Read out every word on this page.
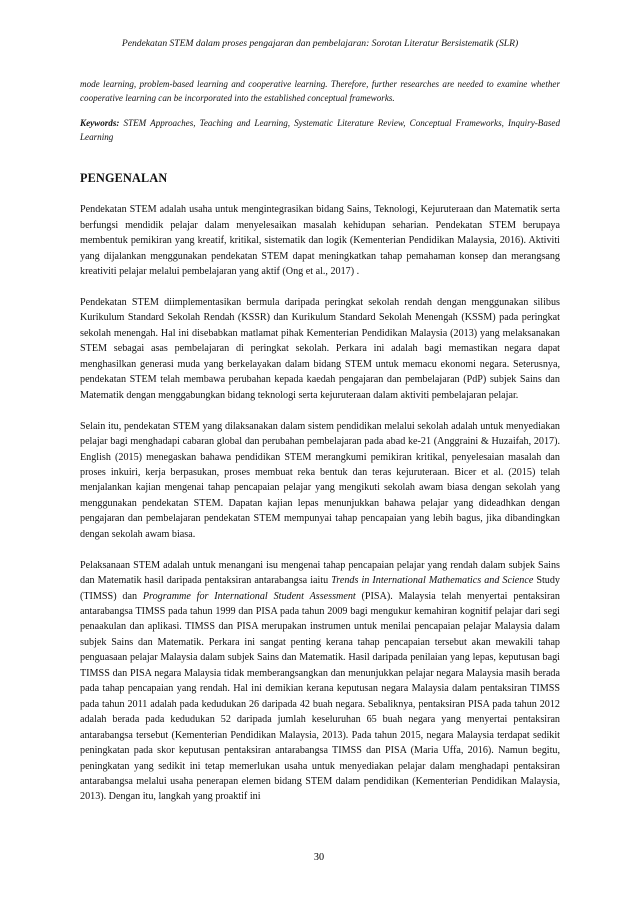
Pendekatan STEM dalam proses pengajaran dan pembelajaran: Sorotan Literatur Bersistematik (SLR)

mode learning, problem-based learning and cooperative learning. Therefore, further researches are needed to examine whether cooperative learning can be incorporated into the established conceptual frameworks.

Keywords: STEM Approaches, Teaching and Learning, Systematic Literature Review, Conceptual Frameworks, Inquiry-Based Learning

PENGENALAN

Pendekatan STEM adalah usaha untuk mengintegrasikan bidang Sains, Teknologi, Kejuruteraan dan Matematik serta berfungsi mendidik pelajar dalam menyelesaikan masalah kehidupan seharian. Pendekatan STEM berupaya membentuk pemikiran yang kreatif, kritikal, sistematik dan logik (Kementerian Pendidikan Malaysia, 2016). Aktiviti yang dijalankan menggunakan pendekatan STEM dapat meningkatkan tahap pemahaman konsep dan merangsang kreativiti pelajar melalui pembelajaran yang aktif (Ong et al., 2017) .

Pendekatan STEM diimplementasikan bermula daripada peringkat sekolah rendah dengan menggunakan silibus Kurikulum Standard Sekolah Rendah (KSSR) dan Kurikulum Standard Sekolah Menengah (KSSM) pada peringkat sekolah menengah. Hal ini disebabkan matlamat pihak Kementerian Pendidikan Malaysia (2013) yang melaksanakan STEM sebagai asas pembelajaran di peringkat sekolah. Perkara ini adalah bagi memastikan negara dapat menghasilkan generasi muda yang berkelayakan dalam bidang STEM untuk memacu ekonomi negara. Seterusnya, pendekatan STEM telah membawa perubahan kepada kaedah pengajaran dan pembelajaran (PdP) subjek Sains dan Matematik dengan menggabungkan bidang teknologi serta kejuruteraan dalam aktiviti pembelajaran pelajar.

Selain itu, pendekatan STEM yang dilaksanakan dalam sistem pendidikan melalui sekolah adalah untuk menyediakan pelajar bagi menghadapi cabaran global dan perubahan pembelajaran pada abad ke-21 (Anggraini & Huzaifah, 2017). English (2015) menegaskan bahawa pendidikan STEM merangkumi pemikiran kritikal, penyelesaian masalah dan proses inkuiri, kerja berpasukan, proses membuat reka bentuk dan teras kejuruteraan. Bicer et al. (2015) telah menjalankan kajian mengenai tahap pencapaian pelajar yang mengikuti sekolah awam biasa dengan sekolah yang menggunakan pendekatan STEM. Dapatan kajian lepas menunjukkan bahawa pelajar yang dideadhkan dengan pengajaran dan pembelajaran pendekatan STEM mempunyai tahap pencapaian yang lebih bagus, jika dibandingkan dengan sekolah awam biasa.

Pelaksanaan STEM adalah untuk menangani isu mengenai tahap pencapaian pelajar yang rendah dalam subjek Sains dan Matematik hasil daripada pentaksiran antarabangsa iaitu Trends in International Mathematics and Science Study (TIMSS) dan Programme for International Student Assessment (PISA). Malaysia telah menyertai pentaksiran antarabangsa TIMSS pada tahun 1999 dan PISA pada tahun 2009 bagi mengukur kemahiran kognitif pelajar dari segi penaakulan dan aplikasi. TIMSS dan PISA merupakan instrumen untuk menilai pencapaian pelajar Malaysia dalam subjek Sains dan Matematik. Perkara ini sangat penting kerana tahap pencapaian tersebut akan mewakili tahap penguasaan pelajar Malaysia dalam subjek Sains dan Matematik. Hasil daripada penilaian yang lepas, keputusan bagi TIMSS dan PISA negara Malaysia tidak memberangsangkan dan menunjukkan pelajar negara Malaysia masih berada pada tahap pencapaian yang rendah. Hal ini demikian kerana keputusan negara Malaysia dalam pentaksiran TIMSS pada tahun 2011 adalah pada kedudukan 26 daripada 42 buah negara. Sebaliknya, pentaksiran PISA pada tahun 2012 adalah berada pada kedudukan 52 daripada jumlah keseluruhan 65 buah negara yang menyertai pentaksiran antarabangsa tersebut (Kementerian Pendidikan Malaysia, 2013). Pada tahun 2015, negara Malaysia terdapat sedikit peningkatan pada skor keputusan pentaksiran antarabangsa TIMSS dan PISA (Maria Uffa, 2016). Namun begitu, peningkatan yang sedikit ini tetap memerlukan usaha untuk menyediakan pelajar dalam menghadapi pentaksiran antarabangsa melalui usaha penerapan elemen bidang STEM dalam pendidikan (Kementerian Pendidikan Malaysia, 2013). Dengan itu, langkah yang proaktif ini

30
